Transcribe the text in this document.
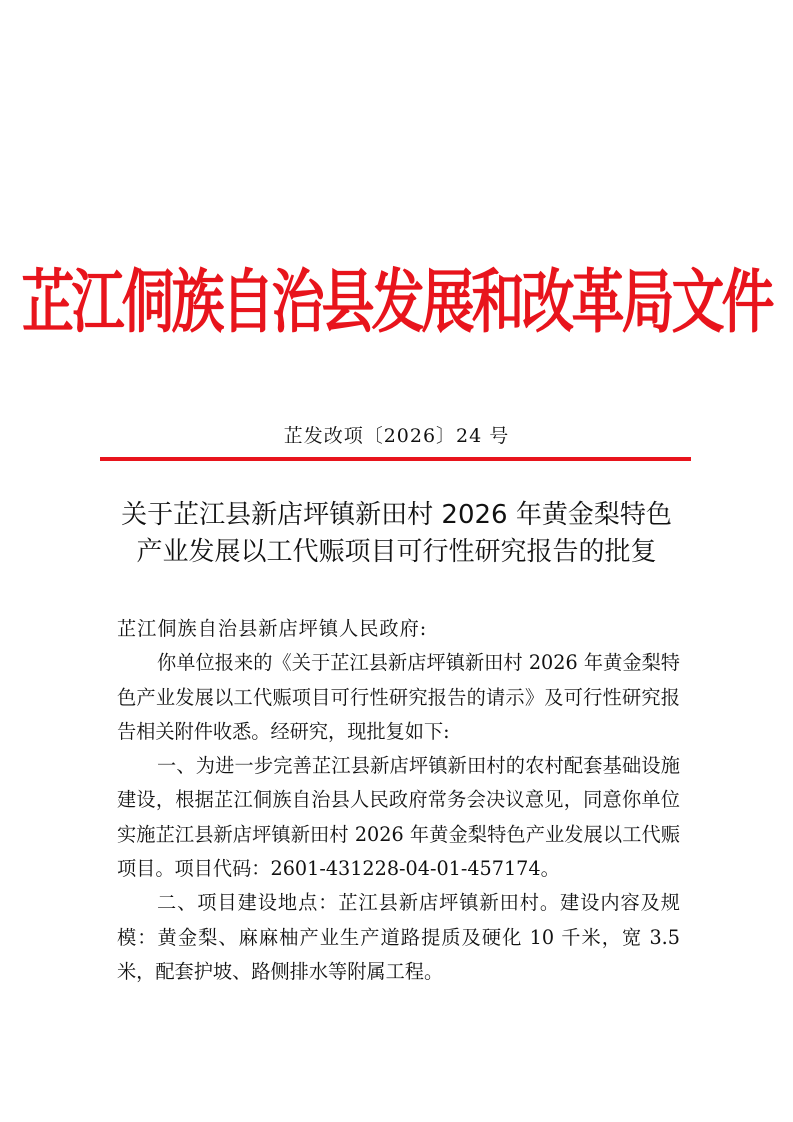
芷江侗族自治县发展和改革局文件
芷发改项〔2026〕24 号
关于芷江县新店坪镇新田村 2026 年黄金梨特色
产业发展以工代赈项目可行性研究报告的批复

芷江侗族自治县新店坪镇人民政府:

你单位报来的《关于芷江县新店坪镇新田村 2026 年黄金梨特色产业发展以工代赈项目可行性研究报告的请示》及可行性研究报告相关附件收悉。经研究，现批复如下:

一、为进一步完善芷江县新店坪镇新田村的农村配套基础设施建设，根据芷江侗族自治县人民政府常务会决议意见，同意你单位实施芷江县新店坪镇新田村 2026 年黄金梨特色产业发展以工代赈项目。项目代码：2601-431228-04-01-457174。

二、项目建设地点：芷江县新店坪镇新田村。建设内容及规模：黄金梨、麻麻柚产业生产道路提质及硬化 10 千米，宽 3.5 米，配套护坡、路侧排水等附属工程。
